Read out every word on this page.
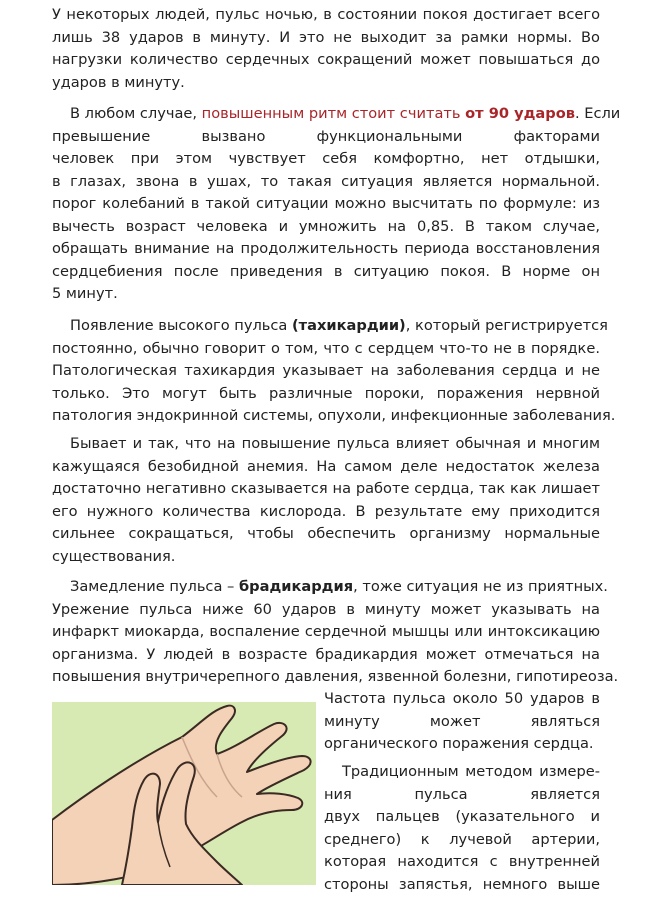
У некоторых людей, пульс ночью, в состоянии покоя достигает всего
лишь 38 ударов в минуту. И это не выходит за рамки нормы. Во
нагрузки количество сердечных сокращений может повышаться до
ударов в минуту.
В любом случае, повышенным ритм стоит считать от 90 ударов. Если
превышение вызвано функциональными факторами
человек при этом чувствует себя комфортно, нет отдышки,
в глазах, звона в ушах, то такая ситуация является нормальной.
порог колебаний в такой ситуации можно высчитать по формуле: из
вычесть возраст человека и умножить на 0,85. В таком случае,
обращать внимание на продолжительность периода восстановления
сердцебиения после приведения в ситуацию покоя. В норме он
5 минут.
Появление высокого пульса (тахикардии), который регистрируется
постоянно, обычно говорит о том, что с сердцем что-то не в порядке.
Патологическая тахикардия указывает на заболевания сердца и не
только. Это могут быть различные пороки, поражения нервной
патология эндокринной системы, опухоли, инфекционные заболевания.
Бывает и так, что на повышение пульса влияет обычная и многим
кажущаяся безобидной анемия. На самом деле недостаток железа
достаточно негативно сказывается на работе сердца, так как лишает
его нужного количества кислорода. В результате ему приходится
сильнее сокращаться, чтобы обеспечить организму нормальные
существования.
Замедление пульса – брадикардия, тоже ситуация не из приятных.
Урежение пульса ниже 60 ударов в минуту может указывать на
инфаркт миокарда, воспаление сердечной мышцы или интоксикацию
организма. У людей в возрасте брадикардия может отмечаться на
повышения внутричерепного давления, язвенной болезни, гипотиреоза.
Частота пульса около 50 ударов в
минуту может являться
органического поражения сердца.
Традиционным методом измере-
ния пульса является
двух пальцев (указательного и
среднего) к лучевой артерии,
которая находится с внутренней
стороны запястья, немного выше
